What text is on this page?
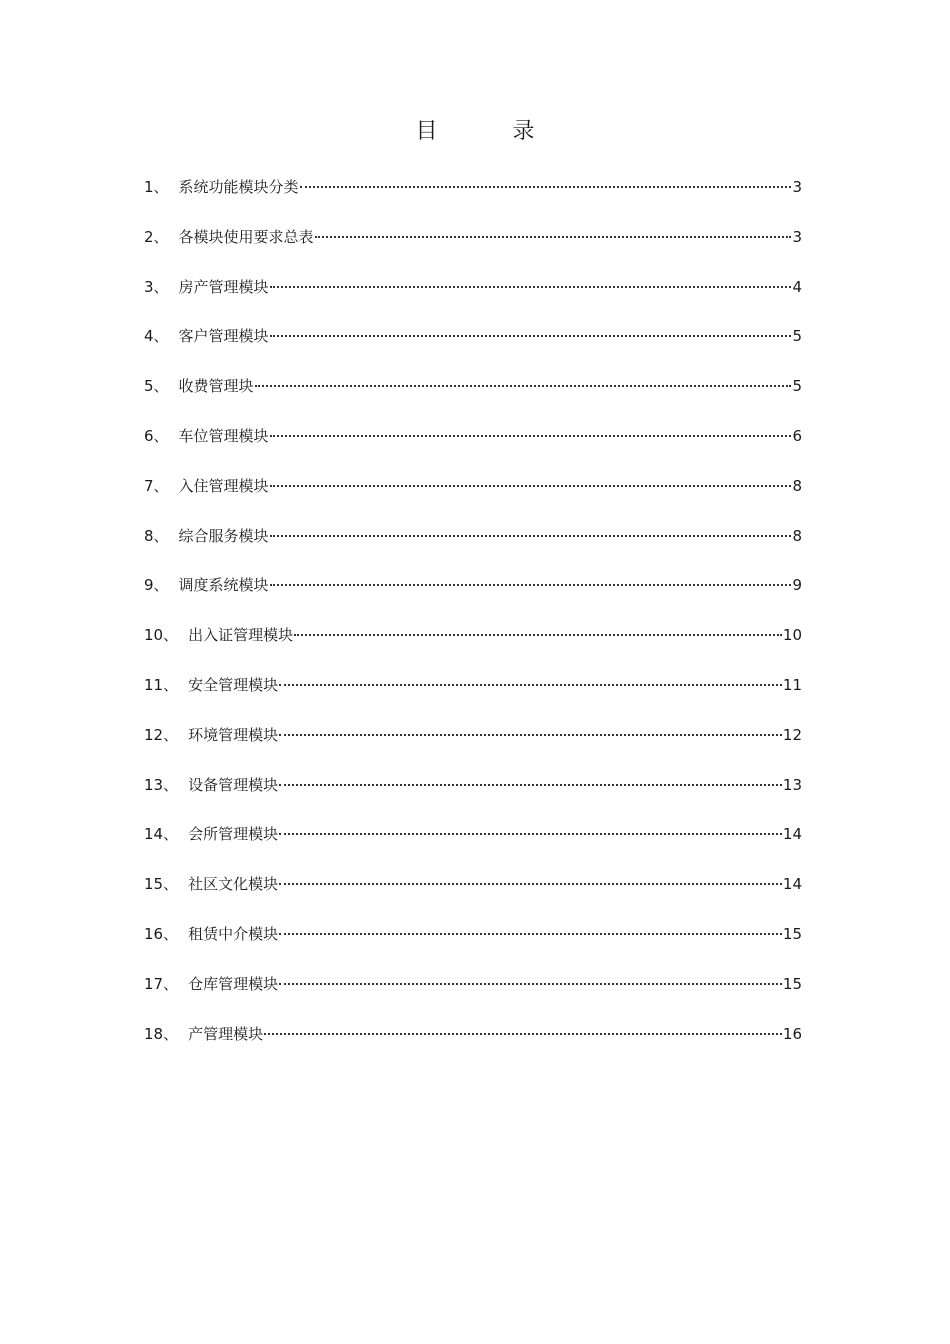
目 录
1、 系统功能模块分类	3
2、 各模块使用要求总表	3
3、 房产管理模块	4
4、 客户管理模块	5
5、 收费管理块	5
6、 车位管理模块	6
7、 入住管理模块	8
8、 综合服务模块	8
9、 调度系统模块	9
10、 出入证管理模块	10
11、 安全管理模块	11
12、 环境管理模块	12
13、 设备管理模块	13
14、 会所管理模块	14
15、 社区文化模块	14
16、 租赁中介模块	15
17、 仓库管理模块	15
18、 产管理模块	16
